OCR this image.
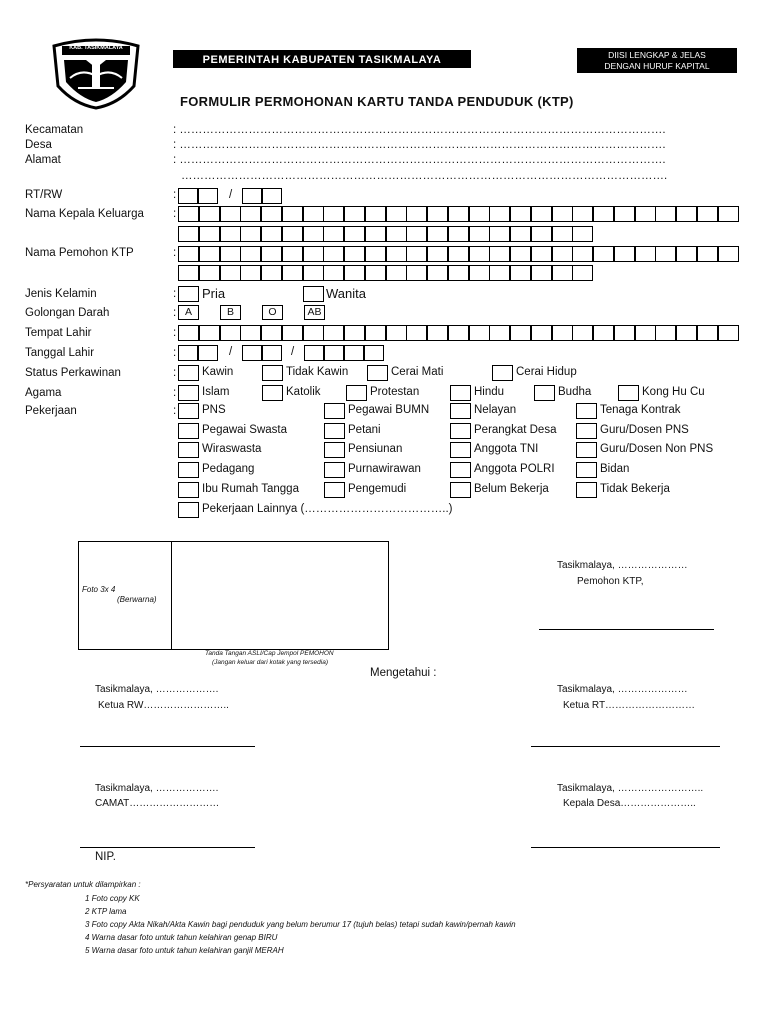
KAB. TASIKMALAYA
PEMERINTAH KABUPATEN TASIKMALAYA	DIISI LENGKAP & JELAS
DENGAN HURUF KAPITAL
FORMULIR PERMOHONAN KARTU TANDA PENDUDUK (KTP)
Kecamatan	: ……………………………………………………………………………………………………………….
Desa	: ……………………………………………………………………………………………………………….
Alamat	: ……………………………………………………………………………………………………………….
……………………………………………………………………………………………………………….
RT/RW	:	/
Nama Kepala Keluarga	:
Nama Pemohon KTP	:
Jenis Kelamin	: Pria	Wanita
Golongan Darah	: A	B	O	AB
Tempat Lahir	:
Tanggal Lahir	:	/	/
Status Perkawinan	: Kawin	Tidak Kawin	Cerai Mati	Cerai Hidup
Agama	: Islam	Katolik	Protestan	Hindu	Budha	Kong Hu Cu
Pekerjaan	: PNS	Pegawai BUMN	Nelayan	Tenaga Kontrak
Pegawai Swasta	Petani	Perangkat Desa	Guru/Dosen PNS
Wiraswasta	Pensiunan	Anggota TNI	Guru/Dosen Non PNS
Pedagang	Purnawirawan	Anggota POLRI	Bidan
Ibu Rumah Tangga	Pengemudi	Belum Bekerja	Tidak Bekerja
Pekerjaan Lainnya (………………………………..)
Foto 3x 4
(Berwarna)
Tanda Tangan ASLI/Cap Jempol PEMOHON
(Jangan keluar dari kotak yang tersedia)
Tasikmalaya, …………………
Pemohon KTP,
Mengetahui :
Tasikmalaya, ……………….
Ketua RW……………………..
Tasikmalaya, …………………
Ketua RT………………………
Tasikmalaya, ……………….
CAMAT………………………
NIP.
Tasikmalaya, ……………………..
Kepala Desa…………………..
*Persyaratan untuk dilampirkan :
1 Foto copy KK
2 KTP lama
3 Foto copy Akta Nikah/Akta Kawin bagi penduduk yang belum berumur 17 (tujuh belas) tetapi sudah kawin/pernah kawin
4 Warna dasar foto untuk tahun kelahiran genap BIRU
5 Warna dasar foto untuk tahun kelahiran ganjil MERAH
